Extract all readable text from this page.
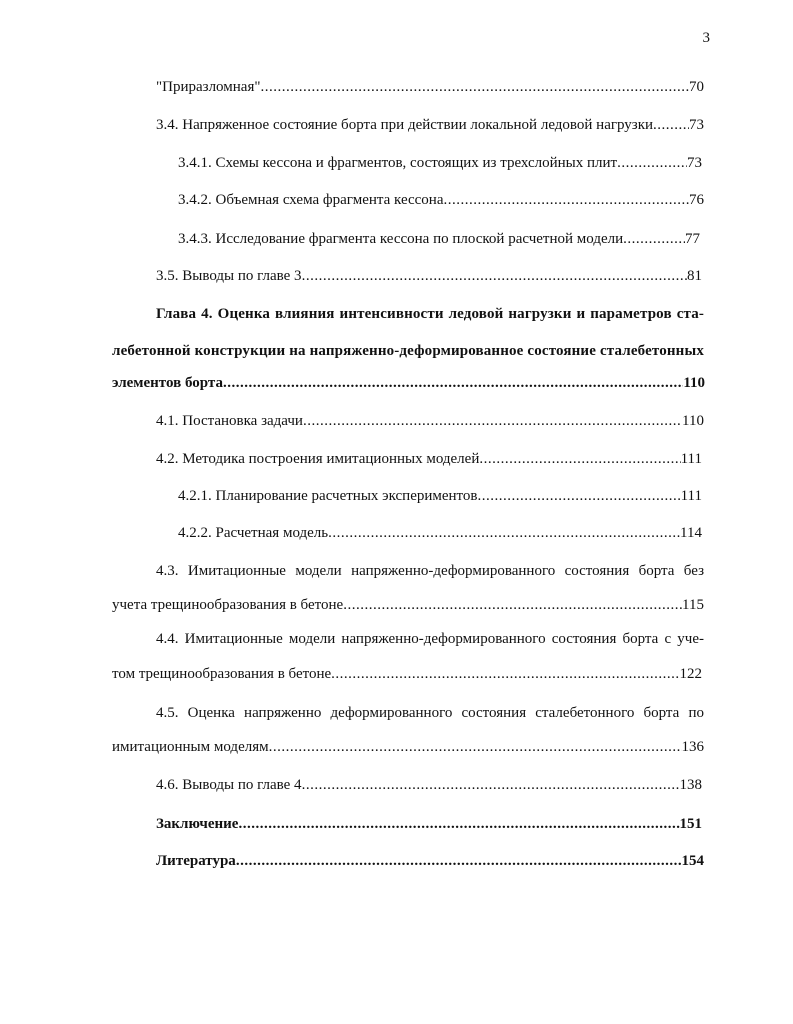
3
"Приразломная" .....	70
3.4. Напряженное состояние борта при действии локальной ледовой нагрузки ..... 73
3.4.1. Схемы кессона и фрагментов, состоящих из трехслойных плит .....	73
3.4.2. Объемная схема фрагмента кессона .....	76
3.4.3. Исследование фрагмента кессона по плоской расчетной модели .....	77
3.5. Выводы по главе 3 .....	81
Глава 4. Оценка влияния интенсивности ледовой нагрузки и параметров ста-
лебетонной конструкции на напряженно-деформированное состояние сталебетонных
элементов борта .....	110
4.1. Постановка задачи .....	110
4.2. Методика построения имитационных моделей .....	111
4.2.1. Планирование расчетных экспериментов .....	111
4.2.2. Расчетная модель .....	114
4.3. Имитационные модели напряженно-деформированного состояния борта без
учета трещинообразования в бетоне .....	115
4.4. Имитационные модели напряженно-деформированного состояния борта с уче-
том трещинообразования в бетоне .....	122
4.5. Оценка напряженно деформированного состояния сталебетонного борта по
имитационным моделям .....	136
4.6. Выводы по главе 4 .....	138
Заключение .....	151
Литература .....	154
